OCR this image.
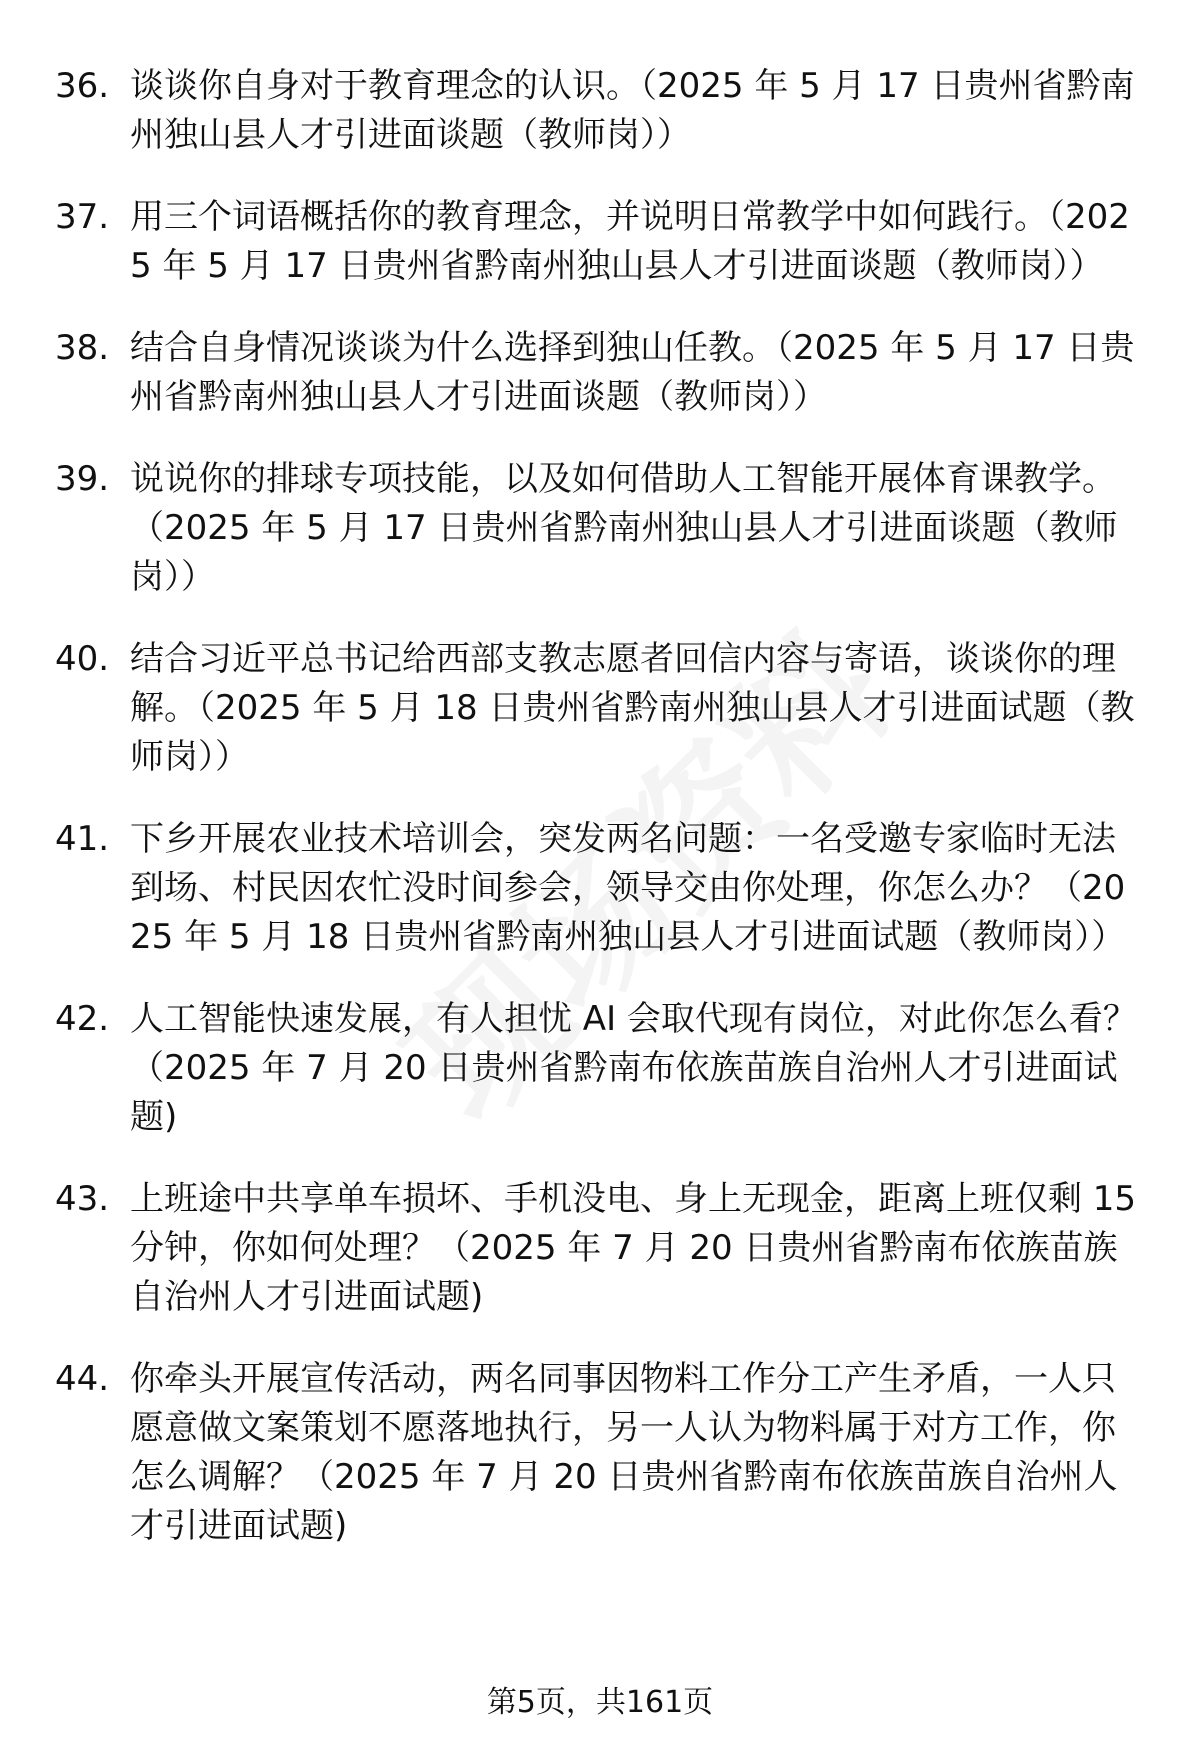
36. 谈谈你自身对于教育理念的认识。（2025 年 5 月 17 日贵州省黔南州独山县人才引进面谈题（教师岗））
37. 用三个词语概括你的教育理念，并说明日常教学中如何践行。（2025 年 5 月 17 日贵州省黔南州独山县人才引进面谈题（教师岗））
38. 结合自身情况谈谈为什么选择到独山任教。（2025 年 5 月 17 日贵州省黔南州独山县人才引进面谈题（教师岗））
39. 说说你的排球专项技能，以及如何借助人工智能开展体育课教学。（2025 年 5 月 17 日贵州省黔南州独山县人才引进面谈题（教师岗））
40. 结合习近平总书记给西部支教志愿者回信内容与寄语，谈谈你的理解。（2025 年 5 月 18 日贵州省黔南州独山县人才引进面试题（教师岗））
41. 下乡开展农业技术培训会，突发两名问题：一名受邀专家临时无法到场、村民因农忙没时间参会，领导交由你处理，你怎么办？（2025 年 5 月 18 日贵州省黔南州独山县人才引进面试题（教师岗））
42. 人工智能快速发展，有人担忧 AI 会取代现有岗位，对此你怎么看？（2025 年 7 月 20 日贵州省黔南布依族苗族自治州人才引进面试题)
43. 上班途中共享单车损坏、手机没电、身上无现金，距离上班仅剩 15 分钟，你如何处理？（2025 年 7 月 20 日贵州省黔南布依族苗族自治州人才引进面试题)
44. 你牵头开展宣传活动，两名同事因物料工作分工产生矛盾，一人只愿意做文案策划不愿落地执行，另一人认为物料属于对方工作，你怎么调解？（2025 年 7 月 20 日贵州省黔南布依族苗族自治州人才引进面试题)
第5页，共161页
